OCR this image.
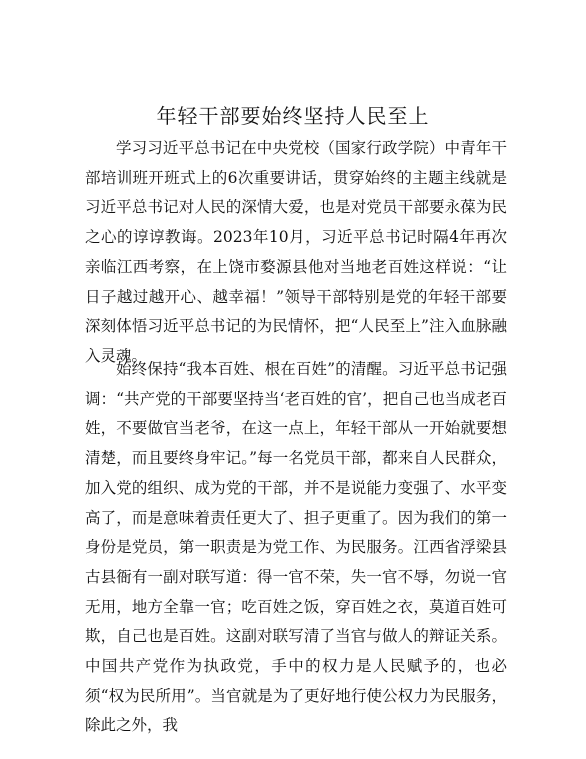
年轻干部要始终坚持人民至上

学习习近平总书记在中央党校（国家行政学院）中青年干部培训班开班式上的6次重要讲话，贯穿始终的主题主线就是习近平总书记对人民的深情大爱，也是对党员干部要永葆为民之心的谆谆教诲。2023年10月，习近平总书记时隔4年再次亲临江西考察，在上饶市婺源县他对当地老百姓这样说：“让日子越过越开心、越幸福！”领导干部特别是党的年轻干部要深刻体悟习近平总书记的为民情怀，把“人民至上”注入血脉融入灵魂。

始终保持“我本百姓、根在百姓”的清醒。习近平总书记强调：“共产党的干部要坚持当‘老百姓的官’，把自己也当成老百姓，不要做官当老爷，在这一点上，年轻干部从一开始就要想清楚，而且要终身牢记。”每一名党员干部，都来自人民群众，加入党的组织、成为党的干部，并不是说能力变强了、水平变高了，而是意味着责任更大了、担子更重了。因为我们的第一身份是党员，第一职责是为党工作、为民服务。江西省浮梁县古县衙有一副对联写道：得一官不荣，失一官不辱，勿说一官无用，地方全靠一官；吃百姓之饭，穿百姓之衣，莫道百姓可欺，自己也是百姓。这副对联写清了当官与做人的辩证关系。中国共产党作为执政党，手中的权力是人民赋予的，也必须“权为民所用”。当官就是为了更好地行使公权力为民服务，除此之外，我
